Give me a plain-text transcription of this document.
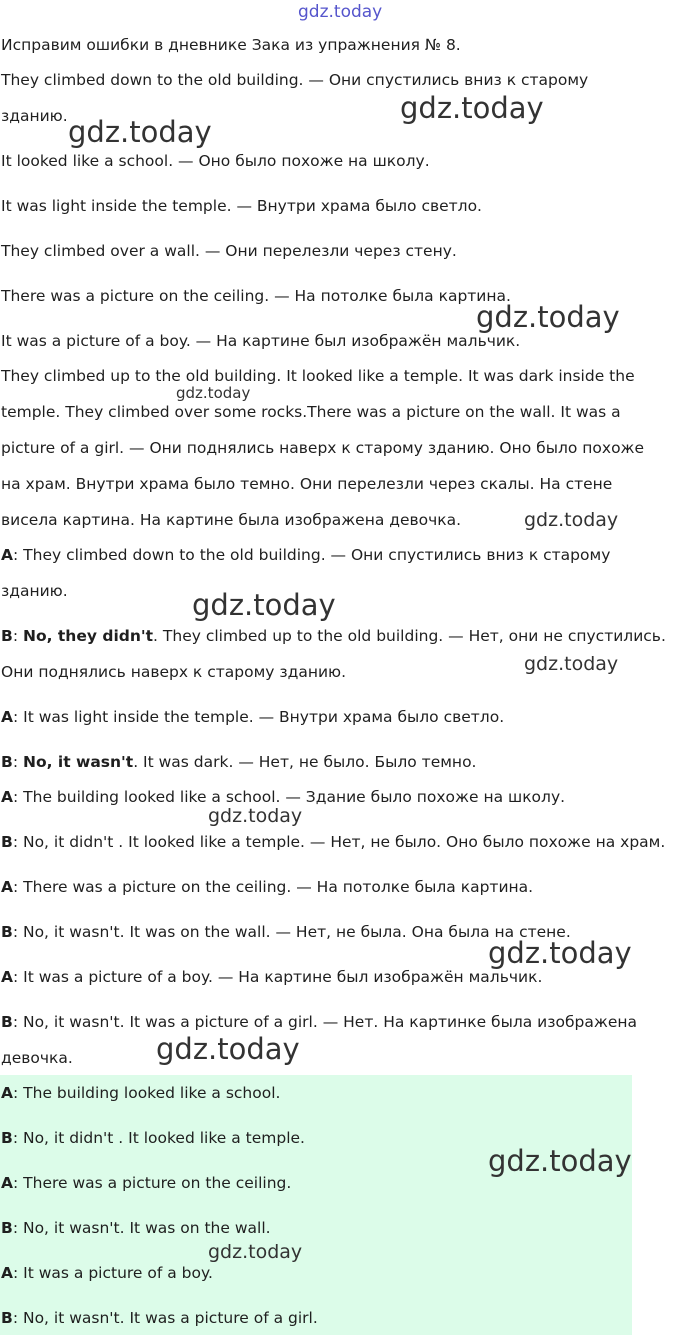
gdz.today
Исправим ошибки в дневнике Зака из упражнения № 8.
They climbed down to the old building. — Они спустились вниз к старому
зданию.
It looked like a school. — Оно было похоже на школу.
It was light inside the temple. — Внутри храма было светло.
They climbed over a wall. — Они перелезли через стену.
There was a picture on the ceiling. — На потолке была картина.
It was a picture of a boy. — На картине был изображён мальчик.
They climbed up to the old building. It looked like a temple. It was dark inside the
temple. They climbed over some rocks.There was a picture on the wall. It was a
picture of a girl. — Они поднялись наверх к старому зданию. Оно было похоже
на храм. Внутри храма было темно. Они перелезли через скалы. На стене
висела картина. На картине была изображена девочка.
A: They climbed down to the old building. — Они спустились вниз к старому
зданию.
B: No, they didn't. They climbed up to the old building. — Нет, они не спустились.
Они поднялись наверх к старому зданию.
A: It was light inside the temple. — Внутри храма было светло.
B: No, it wasn't. It was dark. — Нет, не было. Было темно.
A: The building looked like a school. — Здание было похоже на школу.
B: No, it didn't . It looked like a temple. — Нет, не было. Оно было похоже на храм.
A: There was a picture on the ceiling. — На потолке была картина.
B: No, it wasn't. It was on the wall. — Нет, не была. Она была на стене.
A: It was a picture of a boy. — На картине был изображён мальчик.
B: No, it wasn't. It was a picture of a girl. — Нет. На картинке была изображена
девочка.
A: The building looked like a school.
B: No, it didn't . It looked like a temple.
A: There was a picture on the ceiling.
B: No, it wasn't. It was on the wall.
A: It was a picture of a boy.
B: No, it wasn't. It was a picture of a girl.
gdz.today
gdz.today
gdz.today
gdz.today
gdz.today
gdz.today
gdz.today
gdz.today
gdz.today
gdz.today
gdz.today
gdz.today
